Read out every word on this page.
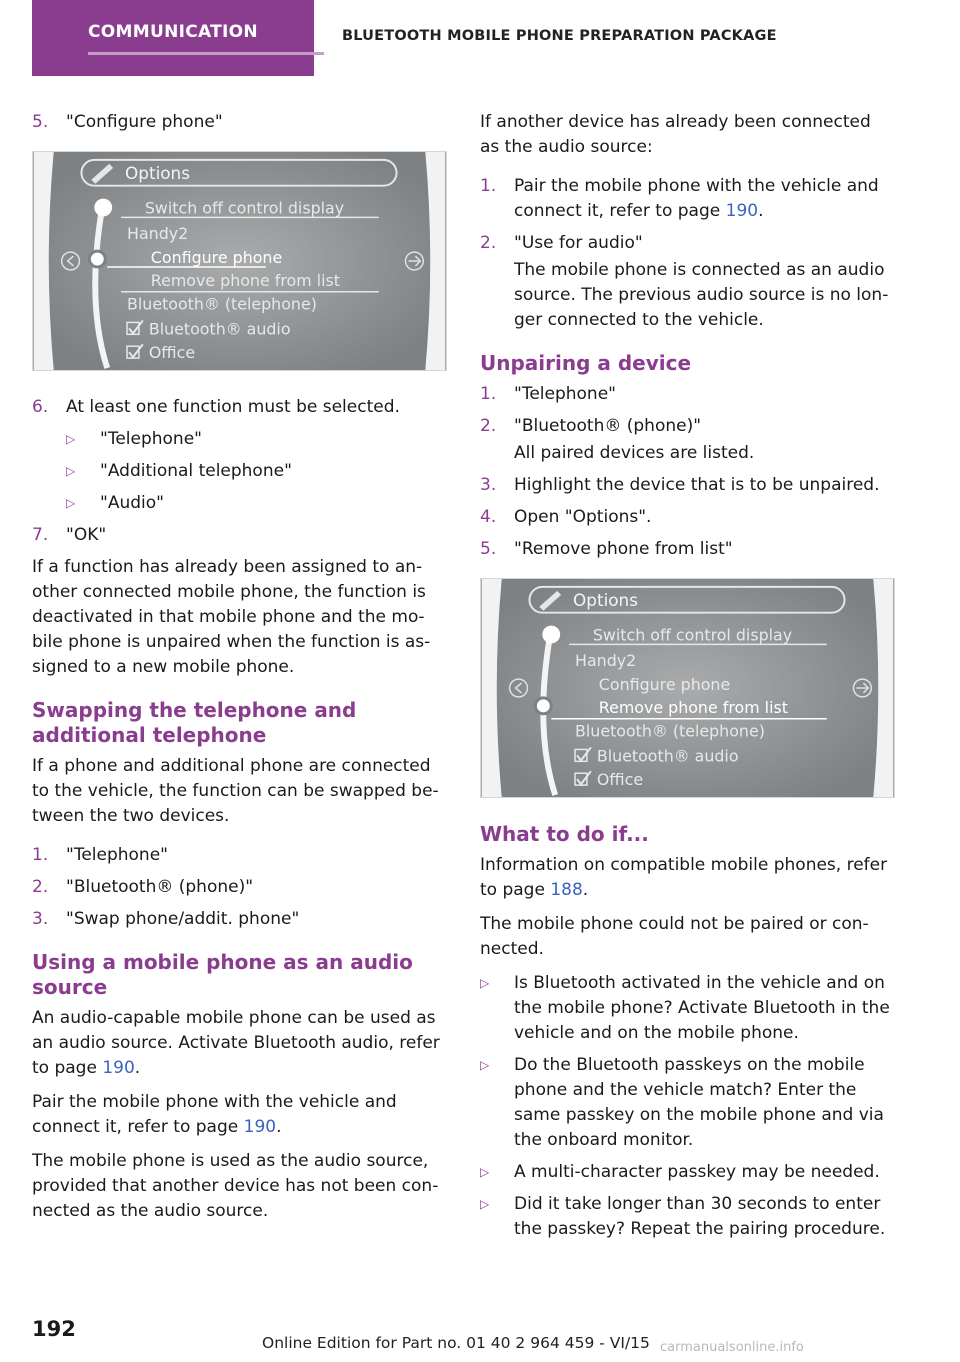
COMMUNICATION	BLUETOOTH MOBILE PHONE PREPARATION PACKAGE
5. "Configure phone"
Options
Switch off control display
Handy2
Configure phone
Remove phone from list
Bluetooth® (telephone)
Bluetooth® audio
Office
6. At least one function must be selected.
▷ "Telephone"
▷ "Additional telephone"
▷ "Audio"
7. "OK"

If a function has already been assigned to another connected mobile phone, the function is deactivated in that mobile phone and the mobile phone is unpaired when the function is assigned to a new mobile phone.

Swapping the telephone and additional telephone

If a phone and additional phone are connected to the vehicle, the function can be swapped between the two devices.

1. "Telephone"
2. "Bluetooth® (phone)"
3. "Swap phone/addit. phone"
Using a mobile phone as an audio source

An audio-capable mobile phone can be used as an audio source. Activate Bluetooth audio, refer to page 190.

Pair the mobile phone with the vehicle and connect it, refer to page 190.

The mobile phone is used as the audio source, provided that another device has not been connected as the audio source.

If another device has already been connected as the audio source:

1. Pair the mobile phone with the vehicle and connect it, refer to page 190.
2. "Use for audio"
The mobile phone is connected as an audio source. The previous audio source is no longer connected to the vehicle.
Unpairing a device
1. "Telephone"
2. "Bluetooth® (phone)"
All paired devices are listed.
3. Highlight the device that is to be unpaired.
4. Open "Options".
5. "Remove phone from list"
Options
Switch off control display
Handy2
Configure phone
Remove phone from list
Bluetooth® (telephone)
Bluetooth® audio
Office
What to do if...

Information on compatible mobile phones, refer to page 188.

The mobile phone could not be paired or connected.

▷ Is Bluetooth activated in the vehicle and on the mobile phone? Activate Bluetooth in the vehicle and on the mobile phone.
▷ Do the Bluetooth passkeys on the mobile phone and the vehicle match? Enter the same passkey on the mobile phone and via the onboard monitor.
▷ A multi-character passkey may be needed.
▷ Did it take longer than 30 seconds to enter the passkey? Repeat the pairing procedure.
192
Online Edition for Part no. 01 40 2 964 459 - VI/15 carmanualsonline.info
